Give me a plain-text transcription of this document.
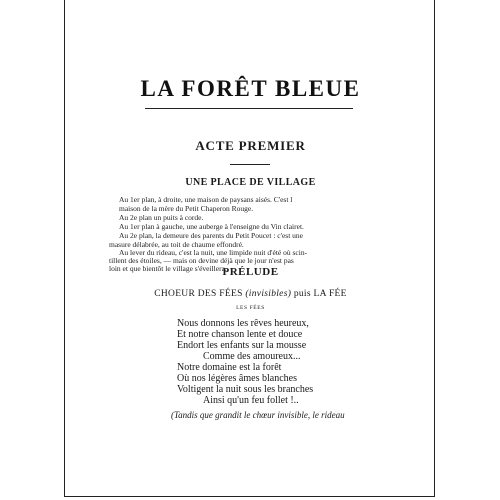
LA FORÊT BLEUE
ACTE PREMIER
UNE PLACE DE VILLAGE

Au 1er plan, à droite, une maison de paysans aisés. C'est l

maison de la mère du Petit Chaperon Rouge.

Au 2e plan un puits à corde.

Au 1er plan à gauche, une auberge à l'enseigne du Vin clairet.

Au 2e plan, la demeure des parents du Petit Poucet : c'est une

masure délabrée, au toit de chaume effondré.

Au lever du rideau, c'est la nuit, une limpide nuit d'été où scin-

tillent des étoiles, — mais on devine déjà que le jour n'est pas

loin et que bientôt le village s'éveillera.

PRÉLUDE

CHOEUR DES FÉES (invisibles) puis LA FÉE

LES FÉES

Nous donnons les rêves heureux,

Et notre chanson lente et douce

Endort les enfants sur la mousse

Comme des amoureux...

Notre domaine est la forêt

Où nos légères âmes blanches

Voltigent la nuit sous les branches

Ainsi qu'un feu follet !..

(Tandis que grandit le chœur invisible, le rideau
